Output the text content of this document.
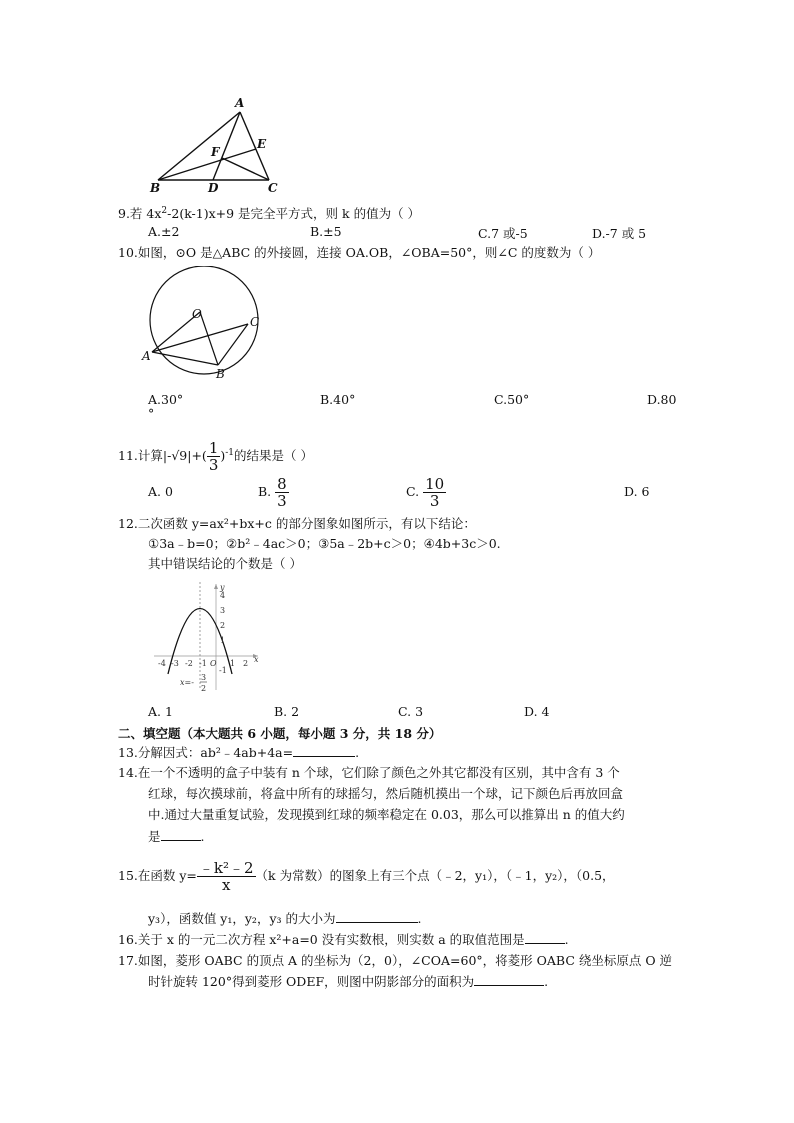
A
B	C
D
E
F
9.若 $4x^2-2(k-1)x+9$ 是完全平方式，则 k 的值为（ ）
A.±2	B.±5	C.7 或-5	D.-7 或 5
10.如图，⊙O 是△ABC 的外接圆，连接 OA.OB，∠OBA=50°，则∠C 的度数为（ ）
O
A
B
C
A.30°	B.40°	C.50°	D.80
°
11.计算$|-√9|+( \frac{1}{3} )^{-1}$的结果是（ ）
A. 0	B. $\frac{8}{3}$	C. $\frac{10}{3}$	D. 6
12.二次函数 y=ax²+bx+c 的部分图象如图所示，有以下结论：
①3a﹣b=0；②b²﹣4ac＞0；③5a﹣2b+c＞0；④4b+3c＞0.
其中错误结论的个数是（ ）
-4 -3 -2 -1 O 1 2 x
y
4
3
2
1
-1
x=-
3
2
A. 1	B. 2	C. 3	D. 4
二、填空题（本大题共 6 小题，每小题 3 分，共 18 分）
13.分解因式：ab²﹣4ab+4a=	.
14.在一个不透明的盒子中装有 n 个球，它们除了颜色之外其它都没有区别，其中含有 3 个
红球，每次摸球前，将盒中所有的球摇匀，然后随机摸出一个球，记下颜色后再放回盒
中.通过大量重复试验，发现摸到红球的频率稳定在 0.03，那么可以推算出 n 的值大约
是	.
15.在函数 $y= \frac{\text{﹣k²﹣2}}{x} (k$ 为常数）的图象上有三个点（﹣2，y₁），（﹣1，y₂），（0.5，
y₃），函数值 y₁，y₂，y₃ 的大小为	.
16.关于 x 的一元二次方程 x²+a=0 没有实数根，则实数 a 的取值范围是	.
17.如图，菱形 OABC 的顶点 A 的坐标为（2，0），∠COA=60°，将菱形 OABC 绕坐标原点 O 逆
时针旋转 120°得到菱形 ODEF，则图中阴影部分的面积为	.
